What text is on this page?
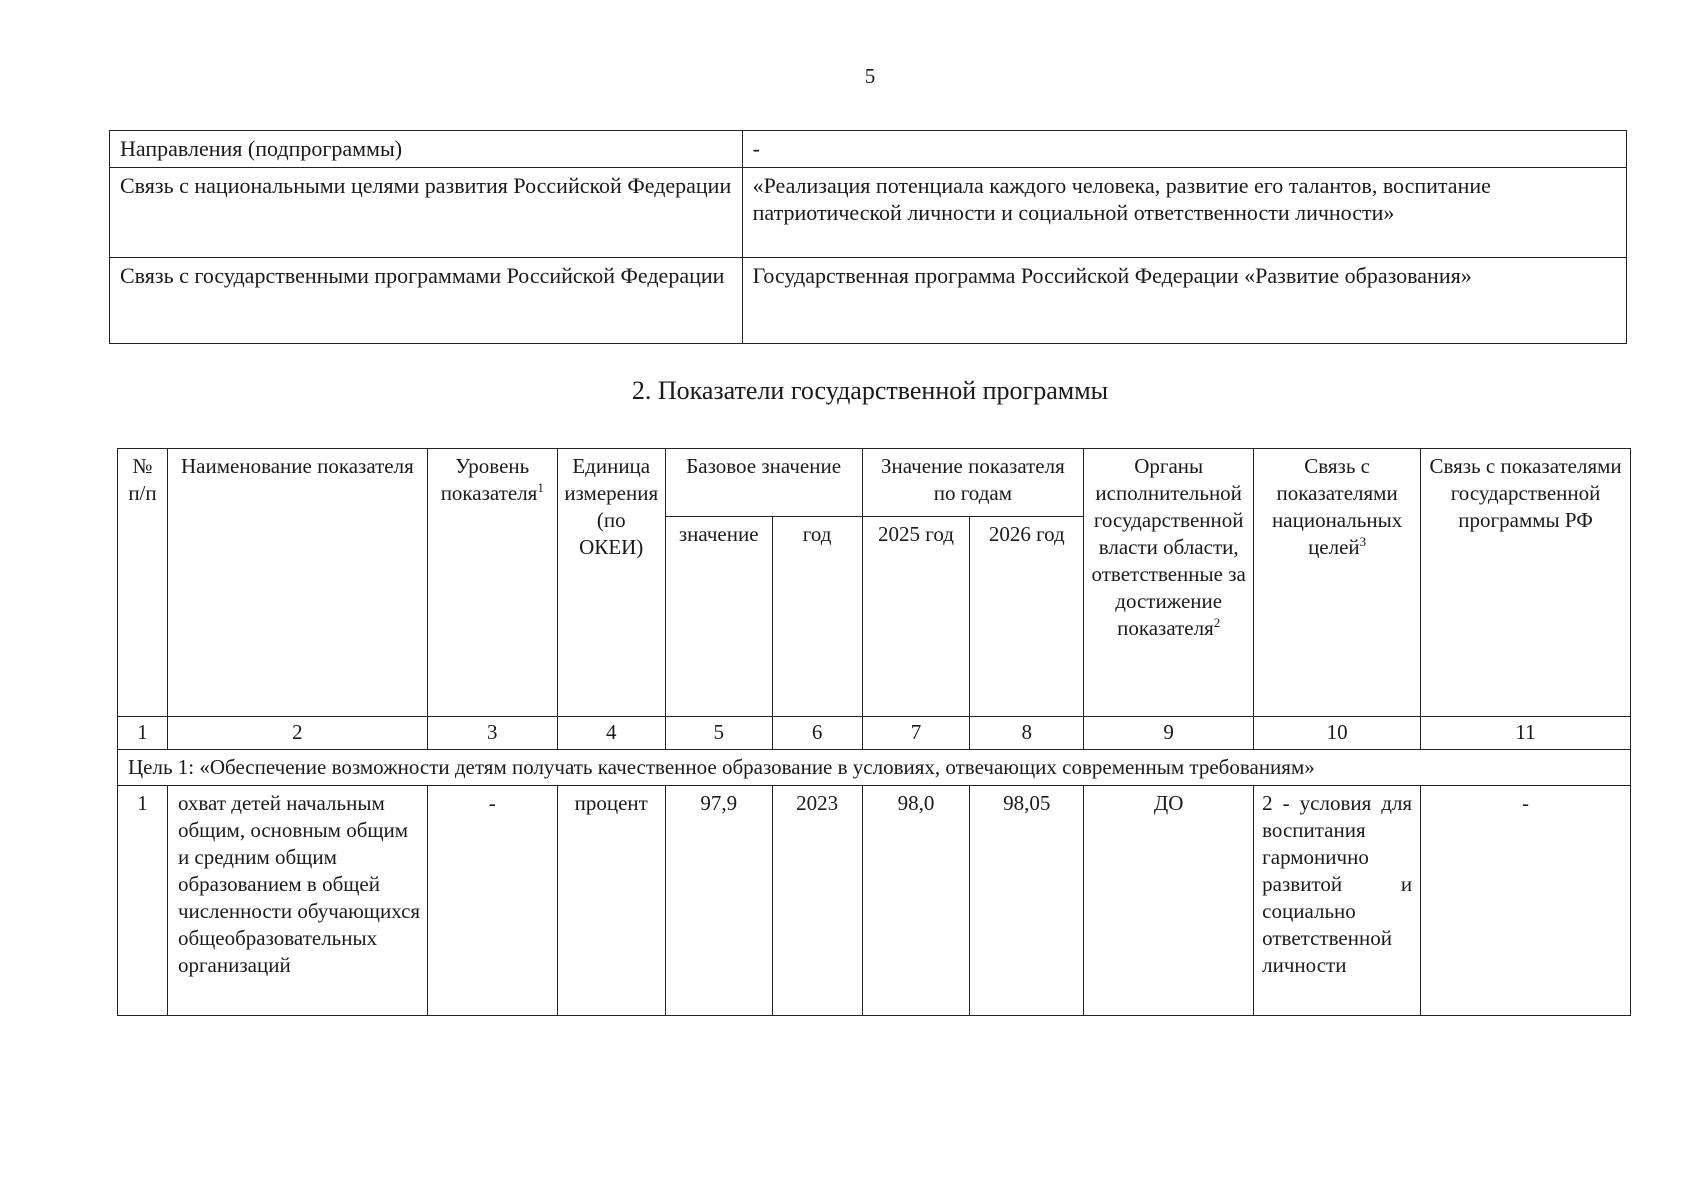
5
Направления (подпрограммы)	-
Связь с национальными целями развития Российской Федерации	«Реализация потенциала каждого человека, развитие его талантов, воспитание патриотической личности и социальной ответственности личности»
Связь с государственными программами Российской Федерации	Государственная программа Российской Федерации «Развитие образования»
2. Показатели государственной программы
№ п/п	Наименование показателя	Уровень показателя$^1$	Единица измерения (по ОКЕИ)	Базовое значение		Значение показателя по годам		Органы исполнительной государственной власти области, ответственные за достижение показателя$^2$	Связь с показателями национальных целей$^3$	Связь с показателями государственной программы РФ
				значение	год	2025 год	2026 год			
1	2	3	4	5	6	7	8	9	10	11
Цель 1: «Обеспечение возможности детям получать качественное образование в условиях, отвечающих современным требованиям»										
1	охват детей начальным общим, основным общим и средним общим образованием в общей численности обучающихся общеобразовательных организаций	-	процент	97,9	2023	98,0	98,05	ДО	2 - условия для воспитания гармонично развитой и социально ответственной личности	-
